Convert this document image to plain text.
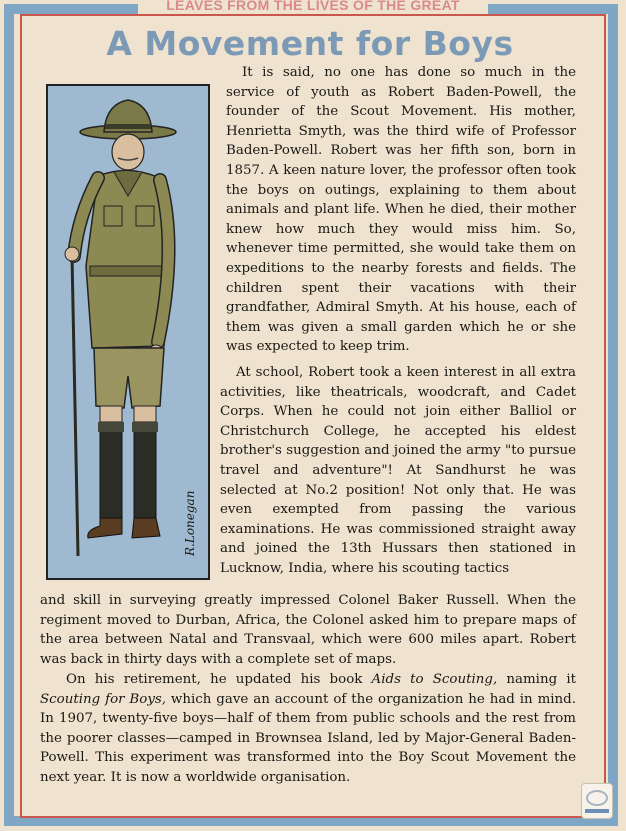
LEAVES FROM THE LIVES OF THE GREAT
A Movement for Boys
R.Lonegan
It is said, no one has done so much in the service of youth as Robert Baden-Powell, the founder of the Scout Movement. His mother, Henrietta Smyth, was the third wife of Professor Baden-Powell. Robert was her fifth son, born in 1857. A keen nature lover, the professor often took the boys on outings, explaining to them about animals and plant life. When he died, their mother knew how much they would miss him. So, whenever time permitted, she would take them on expeditions to the nearby forests and fields. The children spent their vacations with their grandfather, Admiral Smyth. At his house, each of them was given a small garden which he or she was expected to keep trim.
At school, Robert took a keen interest in all extra activities, like theatricals, woodcraft, and Cadet Corps. When he could not join either Balliol or Christchurch College, he accepted his eldest brother's suggestion and joined the army "to pursue travel and adventure"! At Sandhurst he was selected at No.2 position! Not only that. He was even exempted from passing the various examinations. He was commissioned straight away and joined the 13th Hussars then stationed in Lucknow, India, where his scouting tactics
and skill in surveying greatly impressed Colonel Baker Russell. When the regiment moved to Durban, Africa, the Colonel asked him to prepare maps of the area between Natal and Transvaal, which were 600 miles apart. Robert was back in thirty days with a complete set of maps.
On his retirement, he updated his book Aids to Scouting, naming it Scouting for Boys, which gave an account of the organization he had in mind. In 1907, twenty-five boys—half of them from public schools and the rest from the poorer classes—camped in Brownsea Island, led by Major-General Baden-Powell. This experiment was transformed into the Boy Scout Movement the next year. It is now a worldwide organisation.
